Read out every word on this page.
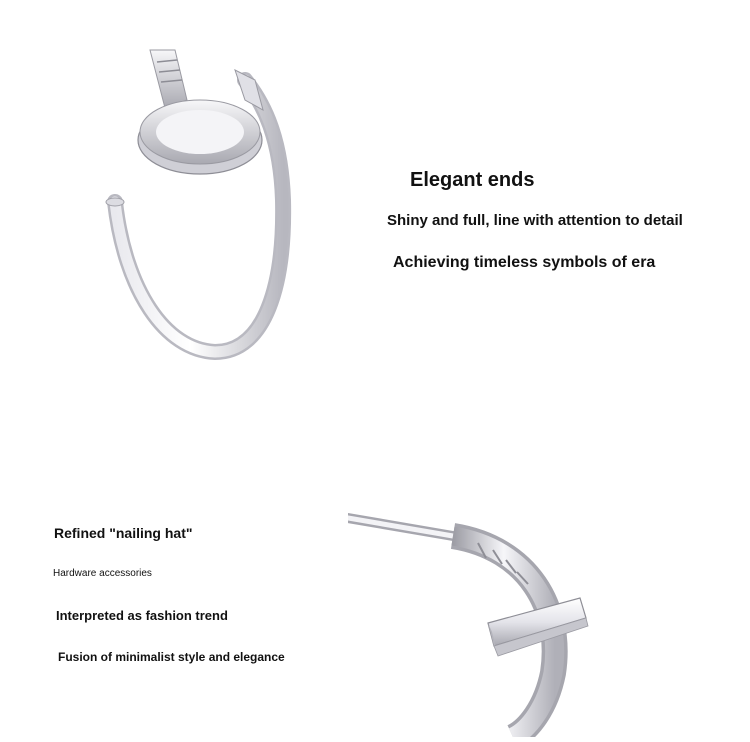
Elegant ends
Shiny and full, line with attention to detail
Achieving timeless symbols of era
Refined "nailing hat"
Hardware accessories
Interpreted as fashion trend
Fusion of minimalist style and elegance
